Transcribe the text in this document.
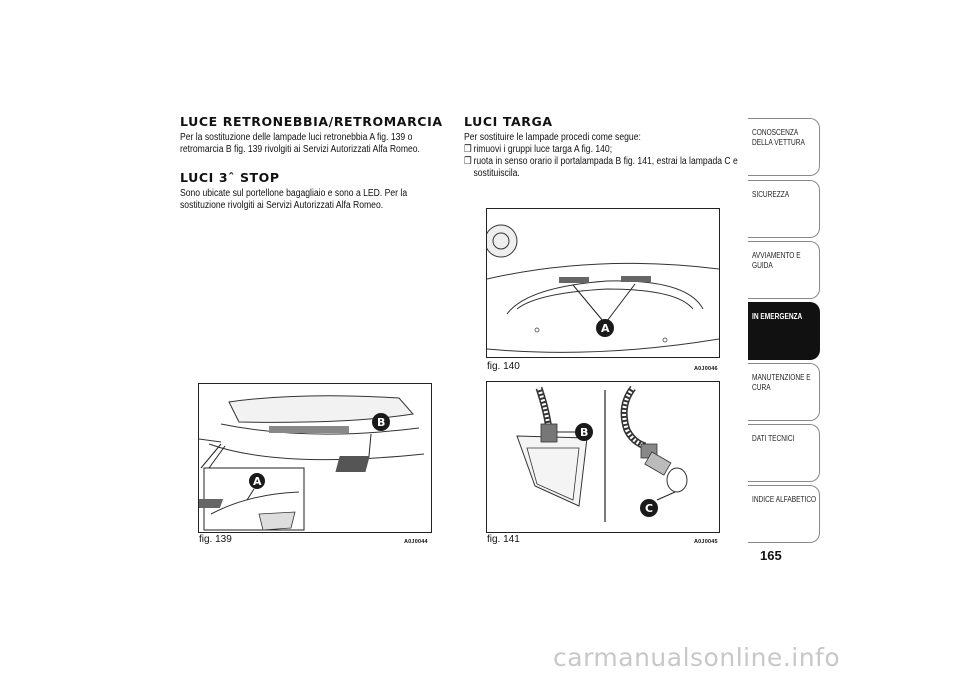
LUCE RETRONEBBIA/RETROMARCIA

Per la sostituzione delle lampade luci retronebbia A fig. 139 o retromarcia B fig. 139 rivolgiti ai Servizi Autorizzati Alfa Romeo.

LUCI 3ˆ STOP

Sono ubicate sul portellone bagagliaio e sono a LED. Per la sostituzione rivolgiti ai Servizi Autorizzati Alfa Romeo.

LUCI TARGA

Per sostituire le lampade procedi come segue:

❒ rimuovi i gruppi luce targa A fig. 140;
❒ ruota in senso orario il portalampada B fig. 141, estrai la lampada C e sostituiscila.
B
A
fig. 139	A0J0044
A
fig. 140	A0J0046
B
C
fig. 141	A0J0045
CONOSCENZA
DELLA VETTURA
SICUREZZA
AVVIAMENTO E
GUIDA
IN EMERGENZA
MANUTENZIONE E
CURA
DATI TECNICI
INDICE ALFABETICO
165
carmanualsonline.info
